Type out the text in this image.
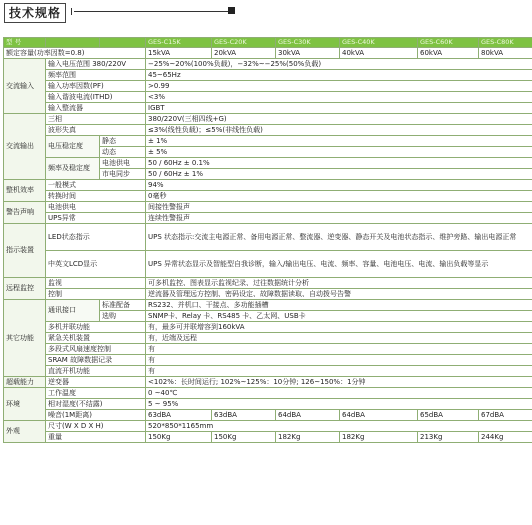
技术规格
型 号			GES-C15K	GES-C20K	GES-C30K	GES-C40K	GES-C60K	GES-C80K
额定容量(功率因数=0.8)			15kVA	20kVA	30kVA	40kVA	60kVA	80kVA
交流输入	输入电压范围 380/220V		−25%~20%(100%负载)，−32%~−25%(50%负载)					
	频率范围		45~65Hz					
	输入功率因数(PF)		>0.99					
	输入谐波电流(ITHD)		<3%					
	输入整流器		IGBT					
交流输出	三相		380/220V(三相四线+G)					
	波形失真		≤3%(线性负载)；≤5%(非线性负载)					
	电压稳定度	静态	± 1%					
		动态	± 5%					
	频率及稳定度	电池供电	50 / 60Hz ± 0.1%					
		市电同步	50 / 60Hz ± 1%					
整机效率	一般模式		94%					
	转换时间		0毫秒					
警告声响	电池供电		间接性警报声					
	UPS异常		连续性警报声					
指示装置	LED状态指示		UPS 状态指示:交流主电源正常、备用电源正常、整流器、逆变器、静态开关及电池状态指示、维护旁路、输出电源正常					
	中英文LCD显示		UPS 异常状态显示及智能型自我诊断，输入/输出电压、电流、频率、容量、电池电压、电流、输出负载等显示					
远程监控	监视		可多机监控、图表显示监视纪录、过往数据统计分析					
	控制		逆流器及管理远方控制、密码设定、故障数据读取、自动拨号告警					
其它功能	通讯接口	标准配备	RS232、并机口、干接点、多功能插槽					
		选购	SNMP卡、Relay 卡、RS485 卡、乙太网、USB卡					
	多机并联功能		有，最多可并联增容到160kVA					
	紧急关机装置		有，近端及远程					
	多段式风扇速度控制		有					
	SRAM 故障数据记录		有					
	直流开机功能		有					
超载能力	逆变器		<102%：长时间运行; 102%~125%：10分钟; 126~150%：1分钟					
环境	工作温度		0 ~40℃					
	相对湿度(不结露)		5 ~ 95%					
	噪音(1M距离)		63dBA	63dBA	64dBA	64dBA	65dBA	67dBA
外观	尺寸(W X D X H)		520*850*1165mm					
	重量		150Kg	150Kg	182Kg	182Kg	213Kg	244Kg
